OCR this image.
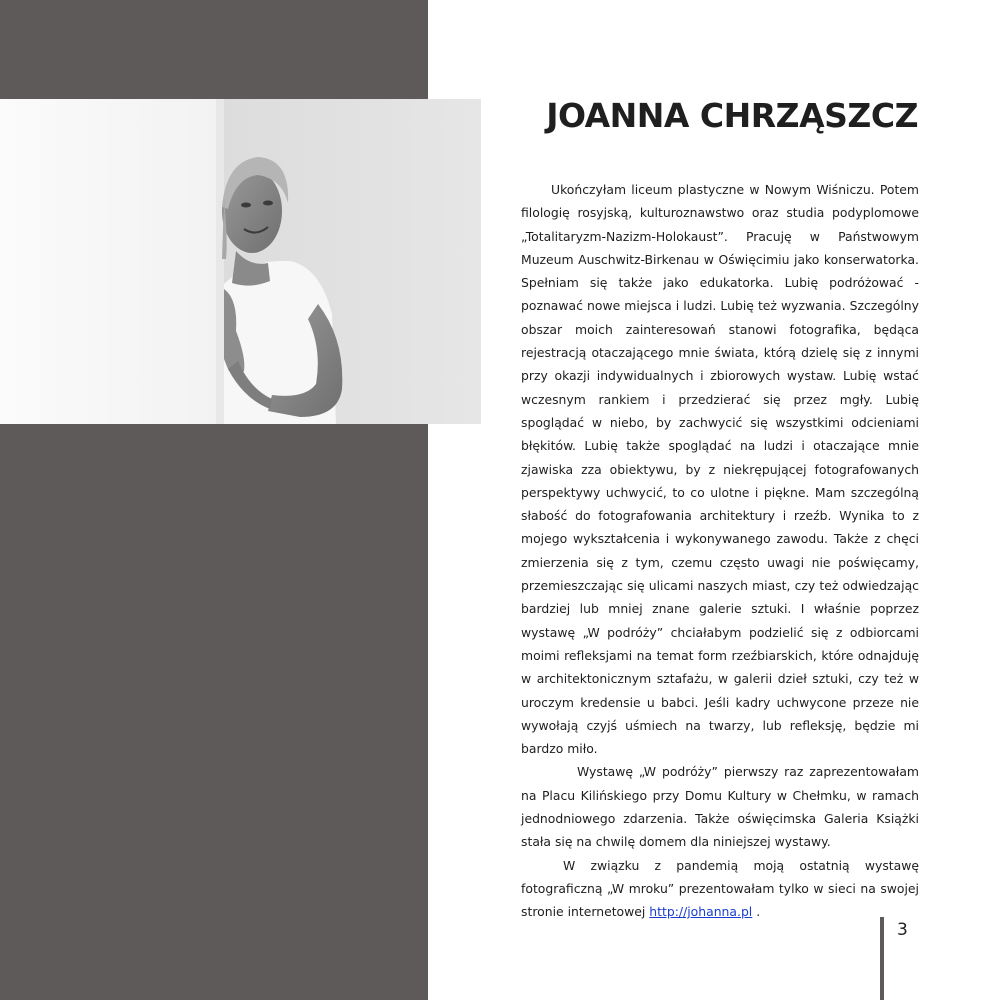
JOANNA CHRZĄSZCZ

Ukończyłam liceum plastyczne w Nowym Wiśniczu. Potem filologię rosyjską, kulturoznawstwo oraz studia podyplomowe „Totalitaryzm-Nazizm-Holokaust”. Pracuję w Państwowym Muzeum Auschwitz-Birkenau w Oświęcimiu jako konserwatorka. Spełniam się także jako edukatorka. Lubię podróżować - poznawać nowe miejsca i ludzi. Lubię też wyzwania. Szczególny obszar moich zainteresowań stanowi fotografika, będąca rejestracją otaczającego mnie świata, którą dzielę się z innymi przy okazji indywidualnych i zbiorowych wystaw. Lubię wstać wczesnym rankiem i przedzierać się przez mgły. Lubię spoglądać w niebo, by zachwycić się wszystkimi odcieniami błękitów. Lubię także spoglądać na ludzi i otaczające mnie zjawiska zza obiektywu, by z niekrępującej fotografowanych perspektywy uchwycić, to co ulotne i piękne. Mam szczególną słabość do fotografowania architektury i rzeźb. Wynika to z mojego wykształcenia i wykonywanego zawodu. Także z chęci zmierzenia się z tym, czemu często uwagi nie poświęcamy, przemieszczając się ulicami naszych miast, czy też odwiedzając bardziej lub mniej znane galerie sztuki. I właśnie poprzez wystawę „W podróży” chciałabym podzielić się z odbiorcami moimi refleksjami na temat form rzeźbiarskich, które odnajduję w architektonicznym sztafażu, w galerii dzieł sztuki, czy też w uroczym kredensie u babci. Jeśli kadry uchwycone przeze nie wywołają czyjś uśmiech na twarzy, lub refleksję, będzie mi bardzo miło.

Wystawę „W podróży” pierwszy raz zaprezentowałam na Placu Kilińskiego przy Domu Kultury w Chełmku, w ramach jednodniowego zdarzenia. Także oświęcimska Galeria Książki stała się na chwilę domem dla niniejszej wystawy.

W związku z pandemią moją ostatnią wystawę fotograficzną „W mroku” prezentowałam tylko w sieci na swojej stronie internetowej http://johanna.pl .

3
